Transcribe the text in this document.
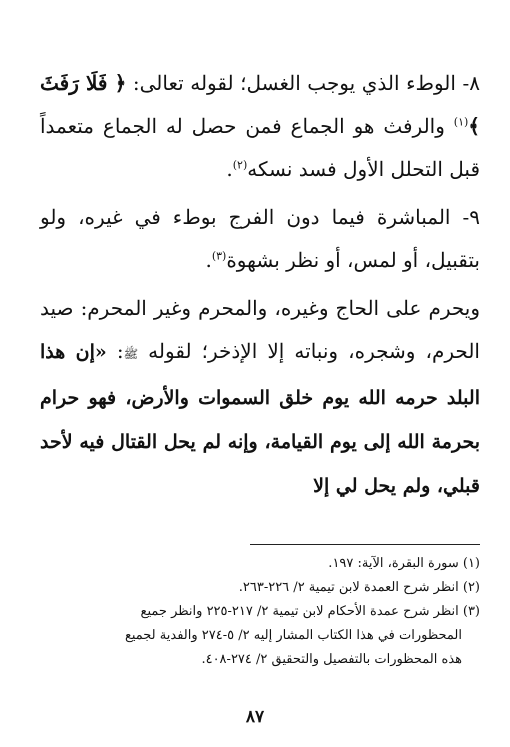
٨- الوطء الذي يوجب الغسل؛ لقوله تعالى: ﴿ فَلَا رَفَثَ ﴾$^{(١)}$ والرفث هو الجماع فمن حصل له الجماع متعمداً قبل التحلل الأول فسد نسكه$^{(٢)}$.

٩- المباشرة فيما دون الفرج بوطء في غيره، ولو بتقبيل، أو لمس، أو نظر بشهوة$^{(٣)}$.

ويحرم على الحاج وغيره، والمحرم وغير المحرم: صيد الحرم، وشجره، ونباته إلا الإذخر؛ لقوله ﷺ: «إن هذا البلد حرمه الله يوم خلق السموات والأرض، فهو حرام بحرمة الله إلى يوم القيامة، وإنه لم يحل القتال فيه لأحد قبلي، ولم يحل لي إلا

(١) سورة البقرة، الآية: ١٩٧.

(٢) انظر شرح العمدة لابن تيمية ٢/ ٢٢٦-٢٦٣.

(٣) انظر شرح عمدة الأحكام لابن تيمية ٢/ ٢١٧-٢٢٥ وانظر جميع

المحظورات في هذا الكتاب المشار إليه ٢/ ٥-٢٧٤ والفدية لجميع

هذه المحظورات بالتفصيل والتحقيق ٢/ ٢٧٤-٤٠٨.

٨٧
